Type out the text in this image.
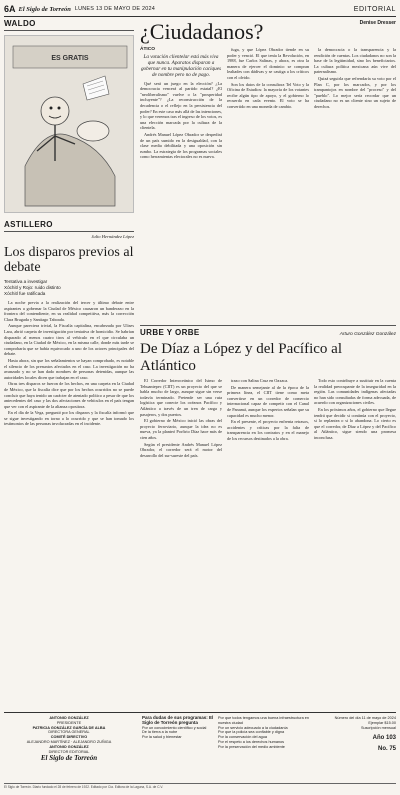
6A El Siglo de Torreón LUNES 13 DE MAYO DE 2024	EDITORIAL
WALDO
ES GRATIS
ASTILLERO
Julio Hernández López
Los disparos previos al debate
Tentativa a investigar
Xóchitl y Rojo: ruido distinto
Xóchitl fue ratificada

La noche previa a la realización del tercer y último debate entre aspirantes a gobernar la Ciudad de México causaron un banderazo en la frontera del contendiente, en su realidad competitiva, más la corrección Clara Brugada y Santiago Taboada.

Aunque pareciera trivial, la Fiscalía capitalina, encabezada por Ulises Lara, abrió carpeta de investigación por tentativa de homicidio. Se habrían disparado al menos cuatro tiros al vehículo en el que circulaba un ciudadano, en la Ciudad de México, en la misma calle, donde más tarde se comprobaría que se había equivocado a uno de los actores principales del debate.

Hasta ahora, sin que los señalamientos se hayan comprobado, es notable el silencio de los presuntos afectados en el caso. La investigación no ha avanzado y no se han dado nombres de personas detenidas, aunque las autoridades locales dicen que trabajan en el caso.

Otras tres disparos se fueron de los hechos, en una carpeta en la Ciudad de México, que la fiscalía dice que por los hechos ocurridos no se puede concluir que haya tenido un carácter de atentado político a pesar de que los antecedentes del caso y las dos afectaciones de vehículos en el país tengan que ver con el aspirante de la alianza opositora.

En el día de la Vega, preguntó por los disparos y la fiscalía informó que se sigue investigando en torno a lo ocurrido y que se han tomado los testimonios de las personas involucradas en el incidente.

¿Ciudadanos?	Denise Dresser
ÁTICO
La votación clientelar está más viva que nunca. Aparatos disparan a gobernar en tu manipulación caciques de nombre pero no de pago.

Qué será un juego en la elección? ¿La democracia vencerá al partido estatal? ¿El "neoliberalismo" vuelve o la "prosperidad incluyente"? ¿La reconstrucción de la decadencia o el reflejo en la persistencia del poder? En este caso más allá de las intenciones, y lo que veremos tras el ingreso de los votos, es una elección marcada por la cultura de la clientela.

Andrés Manuel López Obrador se despedirá de un país sumido en la desigualdad, con la clase media debilitada y una oposición sin rumbo. La estrategia de los programas sociales como herramientas electorales no es nueva.

fuga, y que López Obrador tiende en su poder y venció. El que tenía la Revolución, en 1988, fue Carlos Salinas, y ahora, es otra la manera de ejercer el dominio: se compran lealtades con dádivas y se castiga a los críticos con el olvido.

Son los datos de la consultora Tel Voto y la Oficina de Estudios: la mayoría de los votantes recibe algún tipo de apoyo, y el gobierno lo recuerda en cada evento. El voto se ha convertido en una moneda de cambio.

la democracia o la transparencia y la rendición de cuentas. Los ciudadanos no son la base de la legitimidad, sino los beneficiarios. La cultura política mexicana aún vive del paternalismo.

Quizá seguirla que refrendaría su voto por el Plan C, por los marcados, y por los trampantojos en nombre del "proceso" y del "pueblo". Lo mejor sería recordar que un ciudadano no es un cliente sino un sujeto de derechos.

URBE Y ORBE	Arturo González González
De Díaz a López y del Pacífico al Atlántico

El Corredor Interoceánico del Istmo de Tehuantepec (CIIT) es un proyecto del que se habla mucho de largo, aunque sigue sin verse todavía terminado. Pretende ser una ruta logística que conecte los océanos Pacífico y Atlántico a través de un tren de carga y pasajeros, y dos puertos.

El gobierno de México inició las obras del proyecto ferroviario, aunque la idea no es nueva, ya la planteó Porfirio Díaz hace más de cien años.

Según el presidente Andrés Manuel López Obrador, el corredor será el motor del desarrollo del sur-sureste del país.

trazo con Salina Cruz en Oaxaca.

De manera semejante al de la época de la primera línea, el CIIT tiene como meta convertirse en un corredor de comercio internacional capaz de competir con el Canal de Panamá, aunque los expertos señalan que su capacidad es mucho menor.

En el presente, el proyecto enfrenta retrasos, accidentes y críticas por la falta de transparencia en los contratos y en el manejo de los recursos destinados a la obra.

Todo esto contribuye a sustituir en la cuenta la realidad preocupante de la inseguridad en la región. Las comunidades indígenas afectadas no han sido consultadas de forma adecuada, de acuerdo con organizaciones civiles.

En los próximos años, el gobierno que llegue tendrá que decidir si continúa con el proyecto, si lo replantea o si lo abandona. Lo cierto es que el corredor, de Díaz a López y del Pacífico al Atlántico, sigue siendo una promesa inconclusa.

ANTONIO GONZÁLEZ
PRESIDENTE
PATRICIA GONZÁLEZ GARCÍA DE ALBA
DIRECTORA GENERAL
COMITÉ DIRECTIVO
ALEJANDRO MARTÍNEZ · ALEJANDRO ZUÑIGA
ANTONIO GONZÁLEZ
DIRECTOR EDITORIAL
El Siglo de Torreón
Para dudas de sus programas: El Siglo de Torreón pregunta
Por un conocimiento científico y social
De la tierra a la nube
Por la salud y bienestar
Por que todos tengamos una buena infraestructura en nuestra ciudad
Por un servicio adecuado a la ciudadanía
Por que la policía sea confiable y digna
Por la conservación del agua
Por el respeto a los derechos humanos
Por la preservación del medio ambiente
Número del día 11 de mayo de 2024
Ejemplar $15.00
Suscripción mensual
Año 103
No. 75
El Siglo de Torreón. Diario fundado el 28 de febrero de 1922. Editado por Cía. Editora de la Laguna, S.A. de C.V.
